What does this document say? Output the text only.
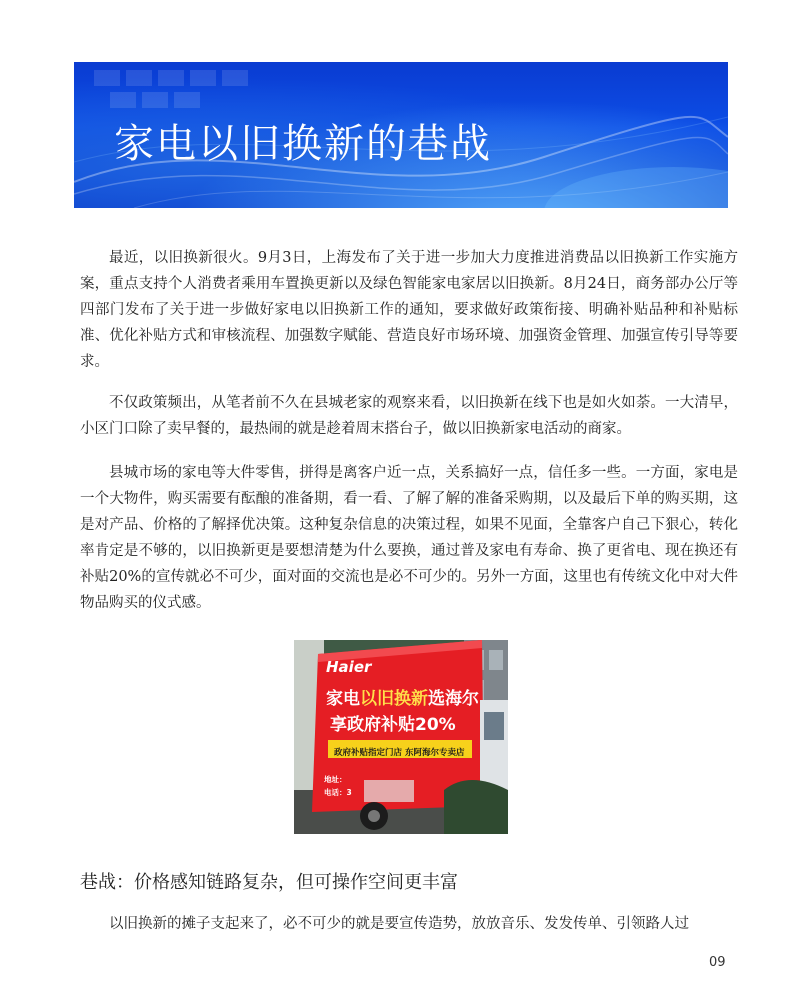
家电以旧换新的巷战

最近，以旧换新很火。9月3日，上海发布了关于进一步加大力度推进消费品以旧换新工作实施方案，重点支持个人消费者乘用车置换更新以及绿色智能家电家居以旧换新。8月24日，商务部办公厅等四部门发布了关于进一步做好家电以旧换新工作的通知，要求做好政策衔接、明确补贴品种和补贴标准、优化补贴方式和审核流程、加强数字赋能、营造良好市场环境、加强资金管理、加强宣传引导等要求。

不仅政策频出，从笔者前不久在县城老家的观察来看，以旧换新在线下也是如火如荼。一大清早，小区门口除了卖早餐的，最热闹的就是趁着周末搭台子，做以旧换新家电活动的商家。

县城市场的家电等大件零售，拼得是离客户近一点，关系搞好一点，信任多一些。一方面，家电是一个大物件，购买需要有酝酿的准备期，看一看、了解了解的准备采购期，以及最后下单的购买期，这是对产品、价格的了解择优决策。这种复杂信息的决策过程，如果不见面，全靠客户自己下狠心，转化率肯定是不够的，以旧换新更是要想清楚为什么要换，通过普及家电有寿命、换了更省电、现在换还有补贴20%的宣传就必不可少，面对面的交流也是必不可少的。另外一方面，这里也有传统文化中对大件物品购买的仪式感。

Haier
家电以旧换新选海尔
享政府补贴20%
政府补贴指定门店 东阿海尔专卖店
地址：
电话：3
巷战：价格感知链路复杂，但可操作空间更丰富

以旧换新的摊子支起来了，必不可少的就是要宣传造势，放放音乐、发发传单、引领路人过

09
